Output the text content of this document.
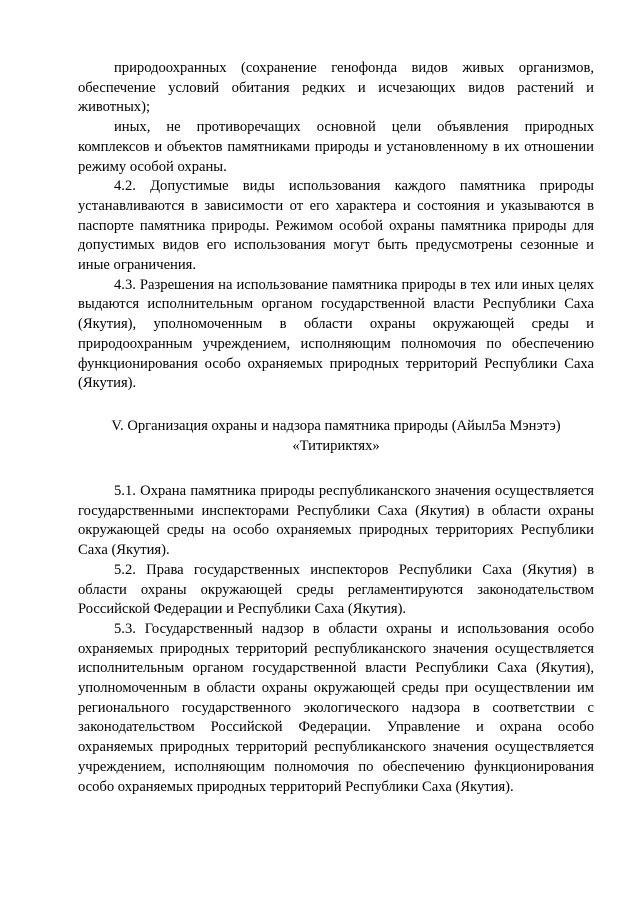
природоохранных (сохранение генофонда видов живых организмов, обеспечение условий обитания редких и исчезающих видов растений и животных);

иных, не противоречащих основной цели объявления природных комплексов и объектов памятниками природы и установленному в их отношении режиму особой охраны.

4.2. Допустимые виды использования каждого памятника природы устанавливаются в зависимости от его характера и состояния и указываются в паспорте памятника природы. Режимом особой охраны памятника природы для допустимых видов его использования могут быть предусмотрены сезонные и иные ограничения.

4.3. Разрешения на использование памятника природы в тех или иных целях выдаются исполнительным органом государственной власти Республики Саха (Якутия), уполномоченным в области охраны окружающей среды и природоохранным учреждением, исполняющим полномочия по обеспечению функционирования особо охраняемых природных территорий Республики Саха (Якутия).

V. Организация охраны и надзора памятника природы (Айыл5а Мэнэтэ)
«Титириктях»

5.1. Охрана памятника природы республиканского значения осуществляется государственными инспекторами Республики Саха (Якутия) в области охраны окружающей среды на особо охраняемых природных территориях Республики Саха (Якутия).

5.2. Права государственных инспекторов Республики Саха (Якутия) в области охраны окружающей среды регламентируются законодательством Российской Федерации и Республики Саха (Якутия).

5.3. Государственный надзор в области охраны и использования особо охраняемых природных территорий республиканского значения осуществляется исполнительным органом государственной власти Республики Саха (Якутия), уполномоченным в области охраны окружающей среды при осуществлении им регионального государственного экологического надзора в соответствии с законодательством Российской Федерации. Управление и охрана особо охраняемых природных территорий республиканского значения осуществляется учреждением, исполняющим полномочия по обеспечению функционирования особо охраняемых природных территорий Республики Саха (Якутия).
